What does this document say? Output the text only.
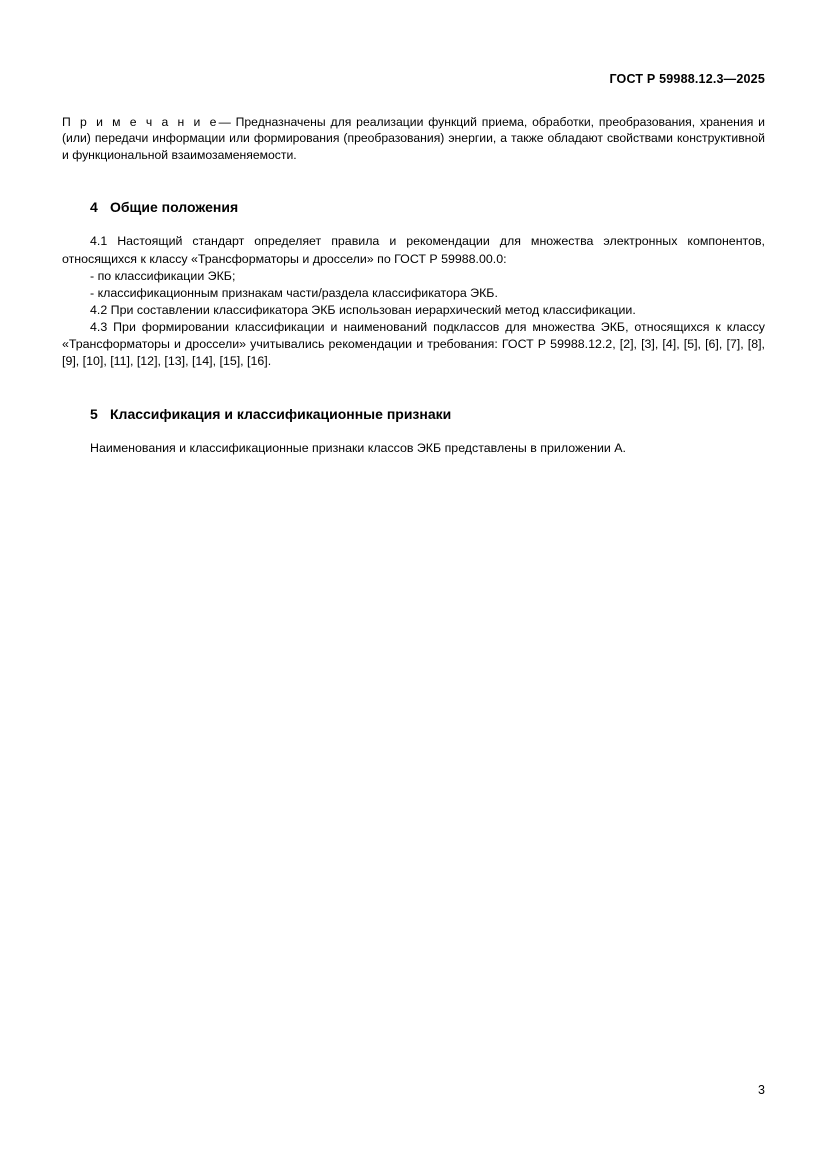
ГОСТ Р 59988.12.3—2025

П р и м е ч а н и е— Предназначены для реализации функций приема, обработки, преобразования, хранения и (или) передачи информации или формирования (преобразования) энергии, а также обладают свойствами конструктивной и функциональной взаимозаменяемости.

4 Общие положения

4.1 Настоящий стандарт определяет правила и рекомендации для множества электронных компонентов, относящихся к классу «Трансформаторы и дроссели» по ГОСТ Р 59988.00.0:

- по классификации ЭКБ;

- классификационным признакам части/раздела классификатора ЭКБ.

4.2 При составлении классификатора ЭКБ использован иерархический метод классификации.

4.3 При формировании классификации и наименований подклассов для множества ЭКБ, относящихся к классу «Трансформаторы и дроссели» учитывались рекомендации и требования: ГОСТ Р 59988.12.2, [2], [3], [4], [5], [6], [7], [8], [9], [10], [11], [12], [13], [14], [15], [16].

5 Классификация и классификационные признаки

Наименования и классификационные признаки классов ЭКБ представлены в приложении А.

3
